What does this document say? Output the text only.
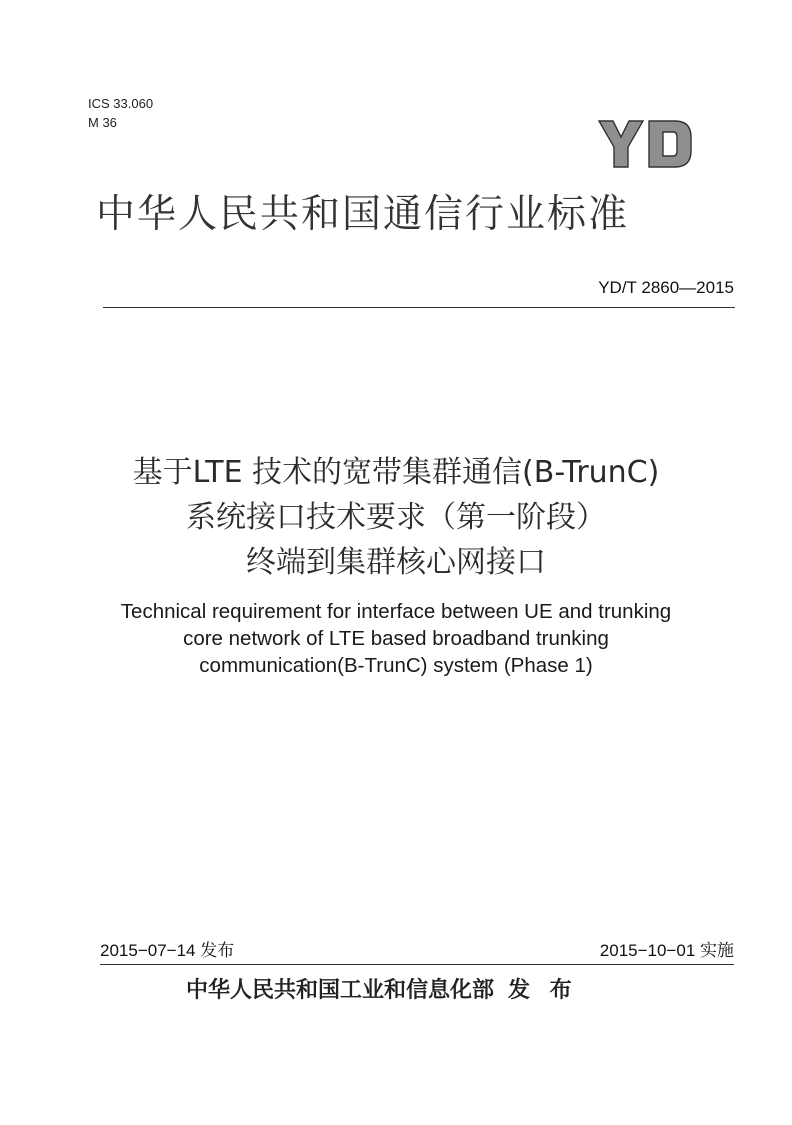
ICS 33.060
M 36
中华人民共和国通信行业标准
YD/T 2860—2015
基于LTE 技术的宽带集群通信(B-TrunC)
系统接口技术要求（第一阶段）
终端到集群核心网接口
Technical requirement for interface between UE and trunking
core network of LTE based broadband trunking
communication(B-TrunC) system (Phase 1)
2015−07−14 发布	2015−10−01 实施
中华人民共和国工业和信息化部 发 布
